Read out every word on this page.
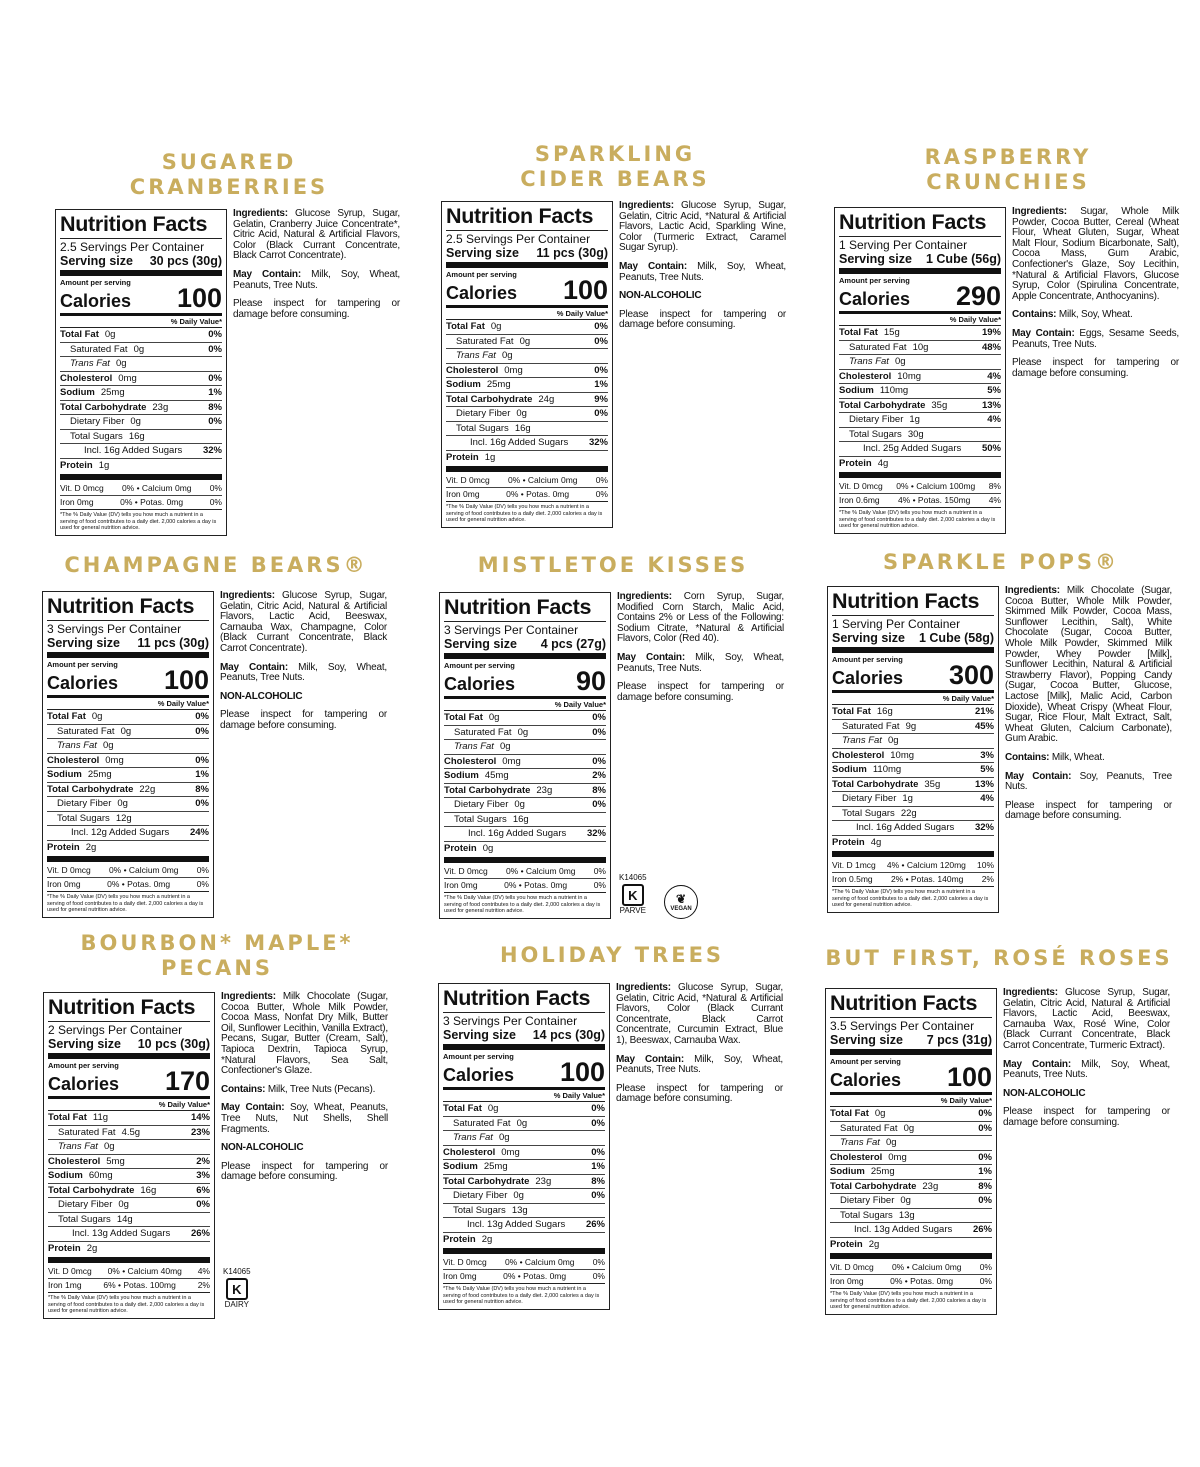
SUGARED
CRANBERRIES
Nutrition Facts
2.5 Servings Per Container
Serving size 30 pcs (30g)
Amount per serving
Calories 100
% Daily Value*
Total Fat 0g	0%
Saturated Fat 0g	0%
Trans Fat 0g
Cholesterol 0mg	0%
Sodium 25mg	1%
Total Carbohydrate 23g	8%
Dietary Fiber 0g	0%
Total Sugars 16g
Incl. 16g Added Sugars 32%
Protein 1g
Vit. D 0mcg 0% • Calcium 0mg 0%
Iron 0mg	0% • Potas. 0mg	0%
*The % Daily Value (DV) tells you how much a nutrient in a serving of food contributes to a daily diet. 2,000 calories a day is used for general nutrition advice.

Ingredients: Glucose Syrup, Sugar, Gelatin, Cranberry Juice Concentrate*, Citric Acid, Natural & Artificial Flavors, Color (Black Currant Concentrate, Black Carrot Concentrate).

May Contain: Milk, Soy, Wheat, Peanuts, Tree Nuts.

Please inspect for tampering or damage before consuming.

SPARKLING
CIDER BEARS
Nutrition Facts
2.5 Servings Per Container
Serving size 11 pcs (30g)
Amount per serving
Calories 100
% Daily Value*
Total Fat 0g	0%
Saturated Fat 0g	0%
Trans Fat 0g
Cholesterol 0mg	0%
Sodium 25mg	1%
Total Carbohydrate 24g	9%
Dietary Fiber 0g	0%
Total Sugars 16g
Incl. 16g Added Sugars 32%
Protein 1g
Vit. D 0mcg 0% • Calcium 0mg 0%
Iron 0mg	0% • Potas. 0mg	0%
*The % Daily Value (DV) tells you how much a nutrient in a serving of food contributes to a daily diet. 2,000 calories a day is used for general nutrition advice.

Ingredients: Glucose Syrup, Sugar, Gelatin, Citric Acid, *Natural & Artificial Flavors, Lactic Acid, Sparkling Wine, Color (Turmeric Extract, Caramel Sugar Syrup).

May Contain: Milk, Soy, Wheat, Peanuts, Tree Nuts.

NON-ALCOHOLIC

Please inspect for tampering or damage before consuming.

RASPBERRY
CRUNCHIES
Nutrition Facts
1 Serving Per Container
Serving size 1 Cube (56g)
Amount per serving
Calories 290
% Daily Value*
Total Fat 15g	19%
Saturated Fat 10g	48%
Trans Fat 0g
Cholesterol 10mg	4%
Sodium 110mg	5%
Total Carbohydrate 35g	13%
Dietary Fiber 1g	4%
Total Sugars 30g
Incl. 25g Added Sugars 50%
Protein 4g
Vit. D 0mcg 0% • Calcium 100mg 8%
Iron 0.6mg 4% • Potas. 150mg 4%
*The % Daily Value (DV) tells you how much a nutrient in a serving of food contributes to a daily diet. 2,000 calories a day is used for general nutrition advice.

Ingredients: Sugar, Whole Milk Powder, Cocoa Butter, Cereal (Wheat Flour, Wheat Gluten, Sugar, Wheat Malt Flour, Sodium Bicarbonate, Salt), Cocoa Mass, Gum Arabic, Confectioner's Glaze, Soy Lecithin, *Natural & Artificial Flavors, Glucose Syrup, Color (Spirulina Concentrate, Apple Concentrate, Anthocyanins).

Contains: Milk, Soy, Wheat.

May Contain: Eggs, Sesame Seeds, Peanuts, Tree Nuts.

Please inspect for tampering or damage before consuming.

CHAMPAGNE BEARS®
Nutrition Facts
3 Servings Per Container
Serving size 11 pcs (30g)
Amount per serving
Calories 100
% Daily Value*
Total Fat 0g	0%
Saturated Fat 0g	0%
Trans Fat 0g
Cholesterol 0mg	0%
Sodium 25mg	1%
Total Carbohydrate 22g	8%
Dietary Fiber 0g	0%
Total Sugars 12g
Incl. 12g Added Sugars 24%
Protein 2g
Vit. D 0mcg 0% • Calcium 0mg 0%
Iron 0mg	0% • Potas. 0mg	0%
*The % Daily Value (DV) tells you how much a nutrient in a serving of food contributes to a daily diet. 2,000 calories a day is used for general nutrition advice.

Ingredients: Glucose Syrup, Sugar, Gelatin, Citric Acid, Natural & Artificial Flavors, Lactic Acid, Beeswax, Carnauba Wax, Champagne, Color (Black Currant Concentrate, Black Carrot Concentrate).

May Contain: Milk, Soy, Wheat, Peanuts, Tree Nuts.

NON-ALCOHOLIC

Please inspect for tampering or damage before consuming.

MISTLETOE KISSES
Nutrition Facts
3 Servings Per Container
Serving size 4 pcs (27g)
Amount per serving
Calories 90
% Daily Value*
Total Fat 0g	0%
Saturated Fat 0g	0%
Trans Fat 0g
Cholesterol 0mg	0%
Sodium 45mg	2%
Total Carbohydrate 23g	8%
Dietary Fiber 0g	0%
Total Sugars 16g
Incl. 16g Added Sugars 32%
Protein 0g
Vit. D 0mcg 0% • Calcium 0mg 0%
Iron 0mg	0% • Potas. 0mg	0%
*The % Daily Value (DV) tells you how much a nutrient in a serving of food contributes to a daily diet. 2,000 calories a day is used for general nutrition advice.

Ingredients: Corn Syrup, Sugar, Modified Corn Starch, Malic Acid, Contains 2% or Less of the Following: Sodium Citrate, *Natural & Artificial Flavors, Color (Red 40).

May Contain: Milk, Soy, Wheat, Peanuts, Tree Nuts.

Please inspect for tampering or damage before consuming.

K14065
K
PARVE
❦
VEGAN
SPARKLE POPS®
Nutrition Facts
1 Serving Per Container
Serving size 1 Cube (58g)
Amount per serving
Calories 300
% Daily Value*
Total Fat 16g	21%
Saturated Fat 9g	45%
Trans Fat 0g
Cholesterol 10mg	3%
Sodium 110mg	5%
Total Carbohydrate 35g	13%
Dietary Fiber 1g	4%
Total Sugars 22g
Incl. 16g Added Sugars 32%
Protein 4g
Vit. D 1mcg 4% • Calcium 120mg 10%
Iron 0.5mg 2% • Potas. 140mg 2%
*The % Daily Value (DV) tells you how much a nutrient in a serving of food contributes to a daily diet. 2,000 calories a day is used for general nutrition advice.

Ingredients: Milk Chocolate (Sugar, Cocoa Butter, Whole Milk Powder, Skimmed Milk Powder, Cocoa Mass, Sunflower Lecithin, Salt), White Chocolate (Sugar, Cocoa Butter, Whole Milk Powder, Skimmed Milk Powder, Whey Powder [Milk], Sunflower Lecithin, Natural & Artificial Strawberry Flavor), Popping Candy (Sugar, Cocoa Butter, Glucose, Lactose [Milk], Malic Acid, Carbon Dioxide), Wheat Crispy (Wheat Flour, Sugar, Rice Flour, Malt Extract, Salt, Wheat Gluten, Calcium Carbonate), Gum Arabic.

Contains: Milk, Wheat.

May Contain: Soy, Peanuts, Tree Nuts.

Please inspect for tampering or damage before consuming.

BOURBON* MAPLE*
PECANS
Nutrition Facts
2 Servings Per Container
Serving size 10 pcs (30g)
Amount per serving
Calories 170
% Daily Value*
Total Fat 11g	14%
Saturated Fat 4.5g	23%
Trans Fat 0g
Cholesterol 5mg	2%
Sodium 60mg	3%
Total Carbohydrate 16g	6%
Dietary Fiber 0g	0%
Total Sugars 14g
Incl. 13g Added Sugars 26%
Protein 2g
Vit. D 0mcg 0% • Calcium 40mg 4%
Iron 1mg	6% • Potas. 100mg	2%
*The % Daily Value (DV) tells you how much a nutrient in a serving of food contributes to a daily diet. 2,000 calories a day is used for general nutrition advice.

Ingredients: Milk Chocolate (Sugar, Cocoa Butter, Whole Milk Powder, Cocoa Mass, Nonfat Dry Milk, Butter Oil, Sunflower Lecithin, Vanilla Extract), Pecans, Sugar, Butter (Cream, Salt), Tapioca Dextrin, Tapioca Syrup, *Natural Flavors, Sea Salt, Confectioner's Glaze.

Contains: Milk, Tree Nuts (Pecans).

May Contain: Soy, Wheat, Peanuts, Tree Nuts, Nut Shells, Shell Fragments.

NON-ALCOHOLIC

Please inspect for tampering or damage before consuming.

K14065
K
DAIRY
HOLIDAY TREES
Nutrition Facts
3 Servings Per Container
Serving size 14 pcs (30g)
Amount per serving
Calories 100
% Daily Value*
Total Fat 0g	0%
Saturated Fat 0g	0%
Trans Fat 0g
Cholesterol 0mg	0%
Sodium 25mg	1%
Total Carbohydrate 23g	8%
Dietary Fiber 0g	0%
Total Sugars 13g
Incl. 13g Added Sugars 26%
Protein 2g
Vit. D 0mcg 0% • Calcium 0mg 0%
Iron 0mg	0% • Potas. 0mg	0%
*The % Daily Value (DV) tells you how much a nutrient in a serving of food contributes to a daily diet. 2,000 calories a day is used for general nutrition advice.

Ingredients: Glucose Syrup, Sugar, Gelatin, Citric Acid, *Natural & Artificial Flavors, Color (Black Currant Concentrate, Black Carrot Concentrate, Curcumin Extract, Blue 1), Beeswax, Carnauba Wax.

May Contain: Milk, Soy, Wheat, Peanuts, Tree Nuts.

Please inspect for tampering or damage before consuming.

BUT FIRST, ROSÉ ROSES
Nutrition Facts
3.5 Servings Per Container
Serving size 7 pcs (31g)
Amount per serving
Calories 100
% Daily Value*
Total Fat 0g	0%
Saturated Fat 0g	0%
Trans Fat 0g
Cholesterol 0mg	0%
Sodium 25mg	1%
Total Carbohydrate 23g	8%
Dietary Fiber 0g	0%
Total Sugars 13g
Incl. 13g Added Sugars 26%
Protein 2g
Vit. D 0mcg 0% • Calcium 0mg 0%
Iron 0mg	0% • Potas. 0mg	0%
*The % Daily Value (DV) tells you how much a nutrient in a serving of food contributes to a daily diet. 2,000 calories a day is used for general nutrition advice.

Ingredients: Glucose Syrup, Sugar, Gelatin, Citric Acid, Natural & Artificial Flavors, Lactic Acid, Beeswax, Carnauba Wax, Rosé Wine, Color (Black Currant Concentrate, Black Carrot Concentrate, Turmeric Extract).

May Contain: Milk, Soy, Wheat, Peanuts, Tree Nuts.

NON-ALCOHOLIC

Please inspect for tampering or damage before consuming.
